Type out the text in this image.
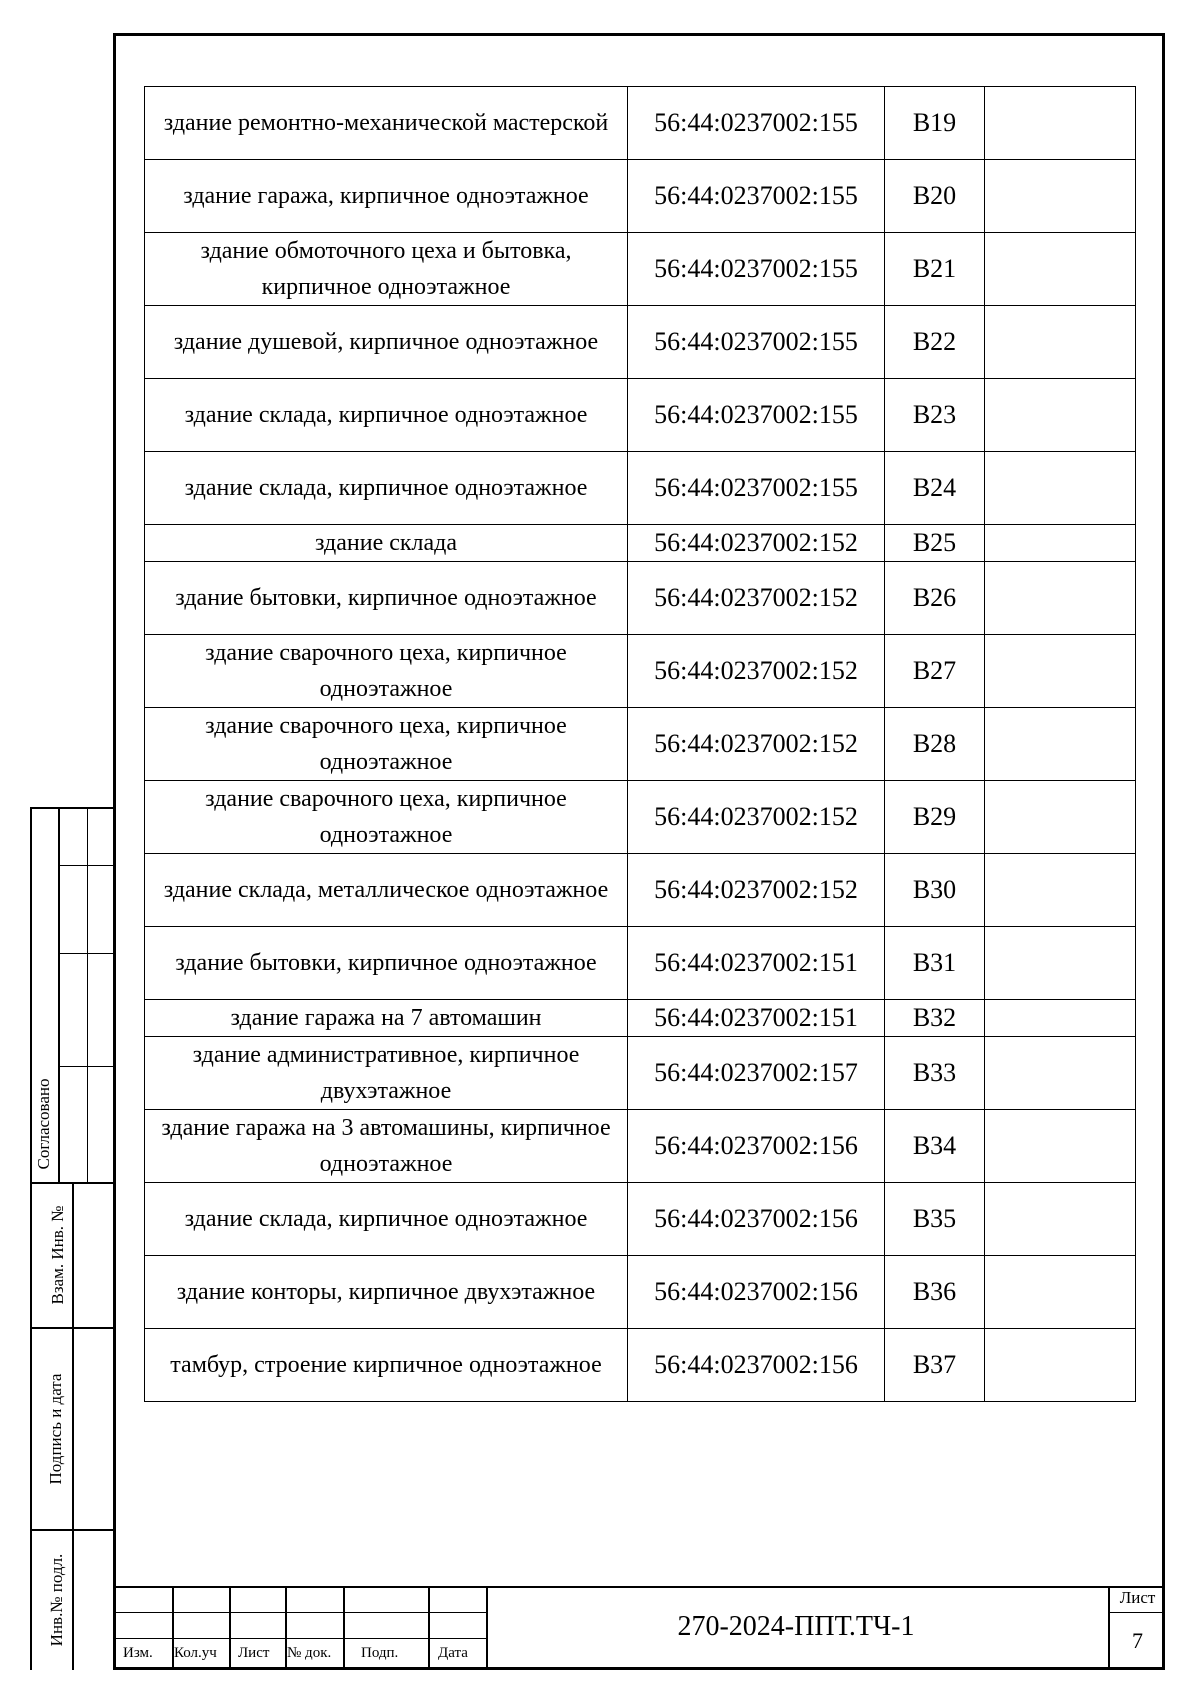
здание ремонтно-механической мастерской	56:44:0237002:155	В19	
здание гаража, кирпичное одноэтажное	56:44:0237002:155	В20	
здание обмоточного цеха и бытовка, кирпичное одноэтажное	56:44:0237002:155	В21	
здание душевой, кирпичное одноэтажное	56:44:0237002:155	В22	
здание склада, кирпичное одноэтажное	56:44:0237002:155	В23	
здание склада, кирпичное одноэтажное	56:44:0237002:155	В24	
здание склада	56:44:0237002:152	В25	
здание бытовки, кирпичное одноэтажное	56:44:0237002:152	В26	
здание сварочного цеха, кирпичное одноэтажное	56:44:0237002:152	В27	
здание сварочного цеха, кирпичное одноэтажное	56:44:0237002:152	В28	
здание сварочного цеха, кирпичное одноэтажное	56:44:0237002:152	В29	
здание склада, металлическое одноэтажное	56:44:0237002:152	В30	
здание бытовки, кирпичное одноэтажное	56:44:0237002:151	В31	
здание гаража на 7 автомашин	56:44:0237002:151	В32	
здание административное, кирпичное двухэтажное	56:44:0237002:157	В33	
здание гаража на 3 автомашины, кирпичное одноэтажное	56:44:0237002:156	В34	
здание склада, кирпичное одноэтажное	56:44:0237002:156	В35	
здание конторы, кирпичное двухэтажное	56:44:0237002:156	В36	
тамбур, строение кирпичное одноэтажное	56:44:0237002:156	В37	
Согласовано
Взам. Инв. №
Подпись и дата
Инв.№ подл.
Изм. Кол.уч Лист № док. Подп.	Дата
270-2024-ППТ.ТЧ-1
Лист
7
